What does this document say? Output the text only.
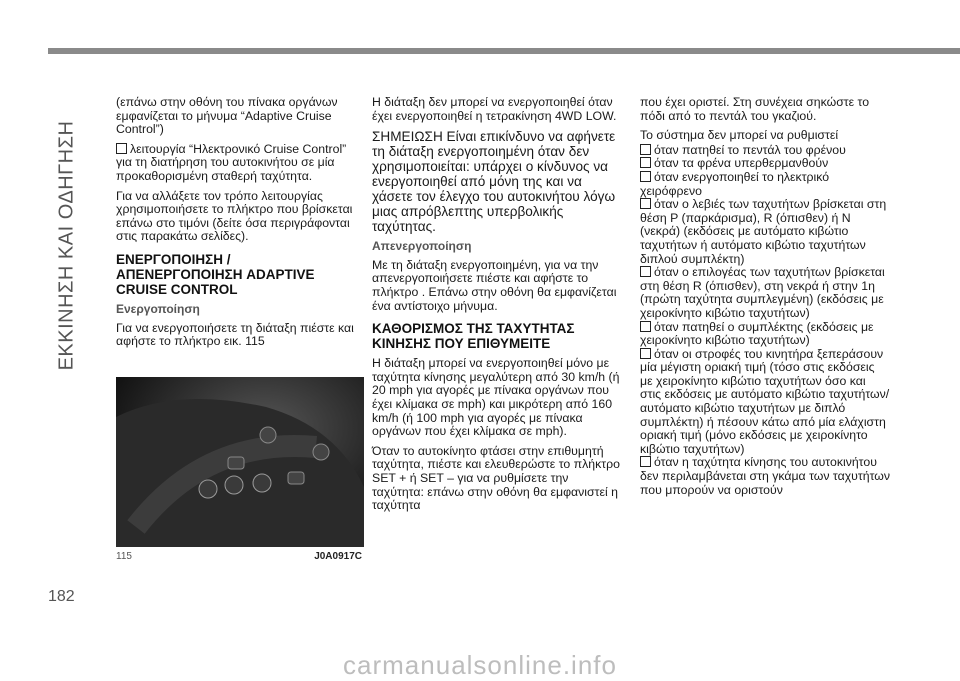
ΕΚΚΙΝΗΣΗ ΚΑΙ ΟΔΗΓΗΣΗ

(επάνω στην οθόνη του πίνακα οργάνων εμφανίζεται το μήνυμα “Adaptive Cruise Control”)

λειτουργία “Ηλεκτρονικό Cruise Control” για τη διατήρηση του αυτοκινήτου σε μία προκαθορισμένη σταθερή ταχύτητα.

Για να αλλάξετε τον τρόπο λειτουργίας χρησιμοποιήσετε το πλήκτρο που βρίσκεται επάνω στο τιμόνι (δείτε όσα περιγράφονται στις παρακάτω σελίδες).

ΕΝΕΡΓΟΠΟΙΗΣΗ / ΑΠΕΝΕΡΓΟΠΟΙΗΣΗ ADAPTIVE CRUISE CONTROL
Ενεργοποίηση

Για να ενεργοποιήσετε τη διάταξη πιέστε και αφήστε το πλήκτρο εικ. 115

115	J0A0917C

Η διάταξη δεν μπορεί να ενεργοποιηθεί όταν έχει ενεργοποιηθεί η τετρακίνηση 4WD LOW.

ΣΗΜΕΙΩΣΗ Είναι επικίνδυνο να αφήνετε τη διάταξη ενεργοποιημένη όταν δεν χρησιμοποιείται: υπάρχει ο κίνδυνος να ενεργοποιηθεί από μόνη της και να χάσετε τον έλεγχο του αυτοκινήτου λόγω μιας απρόβλεπτης υπερβολικής ταχύτητας.

Απενεργοποίηση

Με τη διάταξη ενεργοποιημένη, για να την απενεργοποιήσετε πιέστε και αφήστε το πλήκτρο . Επάνω στην οθόνη θα εμφανίζεται ένα αντίστοιχο μήνυμα.

ΚΑΘΟΡΙΣΜΟΣ ΤΗΣ ΤΑΧΥΤΗΤΑΣ ΚΙΝΗΣΗΣ ΠΟΥ ΕΠΙΘΥΜΕΙΤΕ

Η διάταξη μπορεί να ενεργοποιηθεί μόνο με ταχύτητα κίνησης μεγαλύτερη από 30 km/h (ή 20 mph για αγορές με πίνακα οργάνων που έχει κλίμακα σε mph) και μικρότερη από 160 km/h (ή 100 mph για αγορές με πίνακα οργάνων που έχει κλίμακα σε mph).

Όταν το αυτοκίνητο φτάσει στην επιθυμητή ταχύτητα, πιέστε και ελευθερώστε το πλήκτρο SET + ή SET – για να ρυθμίσετε την ταχύτητα: επάνω στην οθόνη θα εμφανιστεί η ταχύτητα

που έχει οριστεί. Στη συνέχεια σηκώστε το πόδι από το πεντάλ του γκαζιού.

Το σύστημα δεν μπορεί να ρυθμιστεί

όταν πατηθεί το πεντάλ του φρένου
όταν τα φρένα υπερθερμανθούν
όταν ενεργοποιηθεί το ηλεκτρικό χειρόφρενο
όταν ο λεβιές των ταχυτήτων βρίσκεται στη θέση P (παρκάρισμα), R (όπισθεν) ή N (νεκρά) (εκδόσεις με αυτόματο κιβώτιο ταχυτήτων ή αυτόματο κιβώτιο ταχυτήτων διπλού συμπλέκτη)
όταν ο επιλογέας των ταχυτήτων βρίσκεται στη θέση R (όπισθεν), στη νεκρά ή στην 1η (πρώτη ταχύτητα συμπλεγμένη) (εκδόσεις με χειροκίνητο κιβώτιο ταχυτήτων)
όταν πατηθεί ο συμπλέκτης (εκδόσεις με χειροκίνητο κιβώτιο ταχυτήτων)
όταν οι στροφές του κινητήρα ξεπεράσουν μία μέγιστη οριακή τιμή (τόσο στις εκδόσεις με χειροκίνητο κιβώτιο ταχυτήτων όσο και στις εκδόσεις με αυτόματο κιβώτιο ταχυτήτων/ αυτόματο κιβώτιο ταχυτήτων με διπλό συμπλέκτη) ή πέσουν κάτω από μία ελάχιστη οριακή τιμή (μόνο εκδόσεις με χειροκίνητο κιβώτιο ταχυτήτων)
όταν η ταχύτητα κίνησης του αυτοκινήτου δεν περιλαμβάνεται στη γκάμα των ταχυτήτων που μπορούν να οριστούν
182
carmanualsonline.info
